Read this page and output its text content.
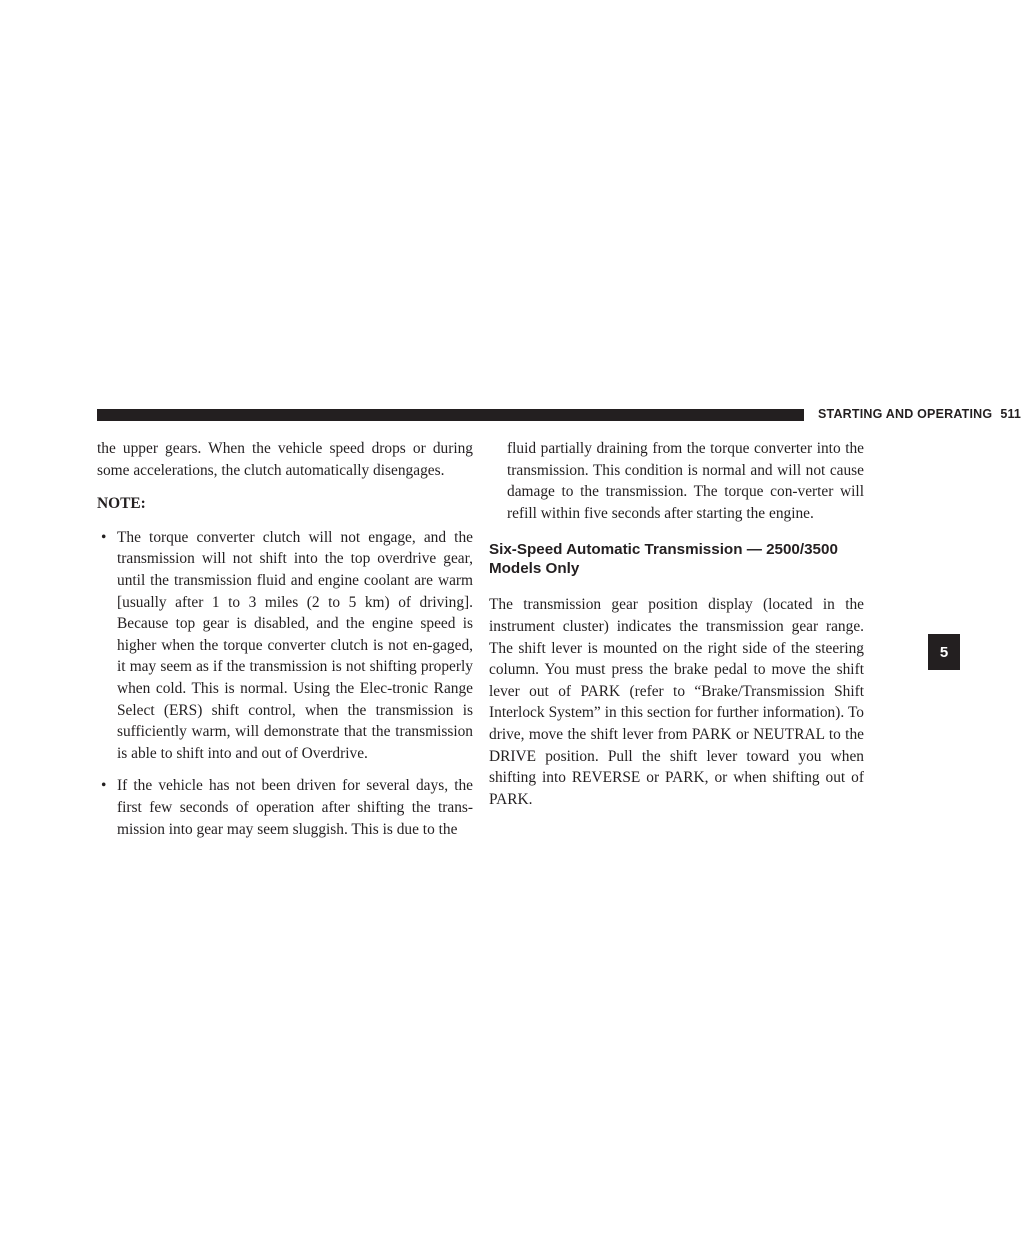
STARTING AND OPERATING 511
5

the upper gears. When the vehicle speed drops or during some accelerations, the clutch automatically disengages.

NOTE:

• The torque converter clutch will not engage, and the transmission will not shift into the top overdrive gear, until the transmission fluid and engine coolant are warm [usually after 1 to 3 miles (2 to 5 km) of driving]. Because top gear is disabled, and the engine speed is higher when the torque converter clutch is not en-gaged, it may seem as if the transmission is not shifting properly when cold. This is normal. Using the Elec-tronic Range Select (ERS) shift control, when the transmission is sufficiently warm, will demonstrate that the transmission is able to shift into and out of Overdrive.
• If the vehicle has not been driven for several days, the first few seconds of operation after shifting the trans-mission into gear may seem sluggish. This is due to the

fluid partially draining from the torque converter into the transmission. This condition is normal and will not cause damage to the transmission. The torque con-verter will refill within five seconds after starting the engine.

Six-Speed Automatic Transmission — 2500/3500 Models Only

The transmission gear position display (located in the instrument cluster) indicates the transmission gear range. The shift lever is mounted on the right side of the steering column. You must press the brake pedal to move the shift lever out of PARK (refer to “Brake/Transmission Shift Interlock System” in this section for further information). To drive, move the shift lever from PARK or NEUTRAL to the DRIVE position. Pull the shift lever toward you when shifting into REVERSE or PARK, or when shifting out of PARK.
